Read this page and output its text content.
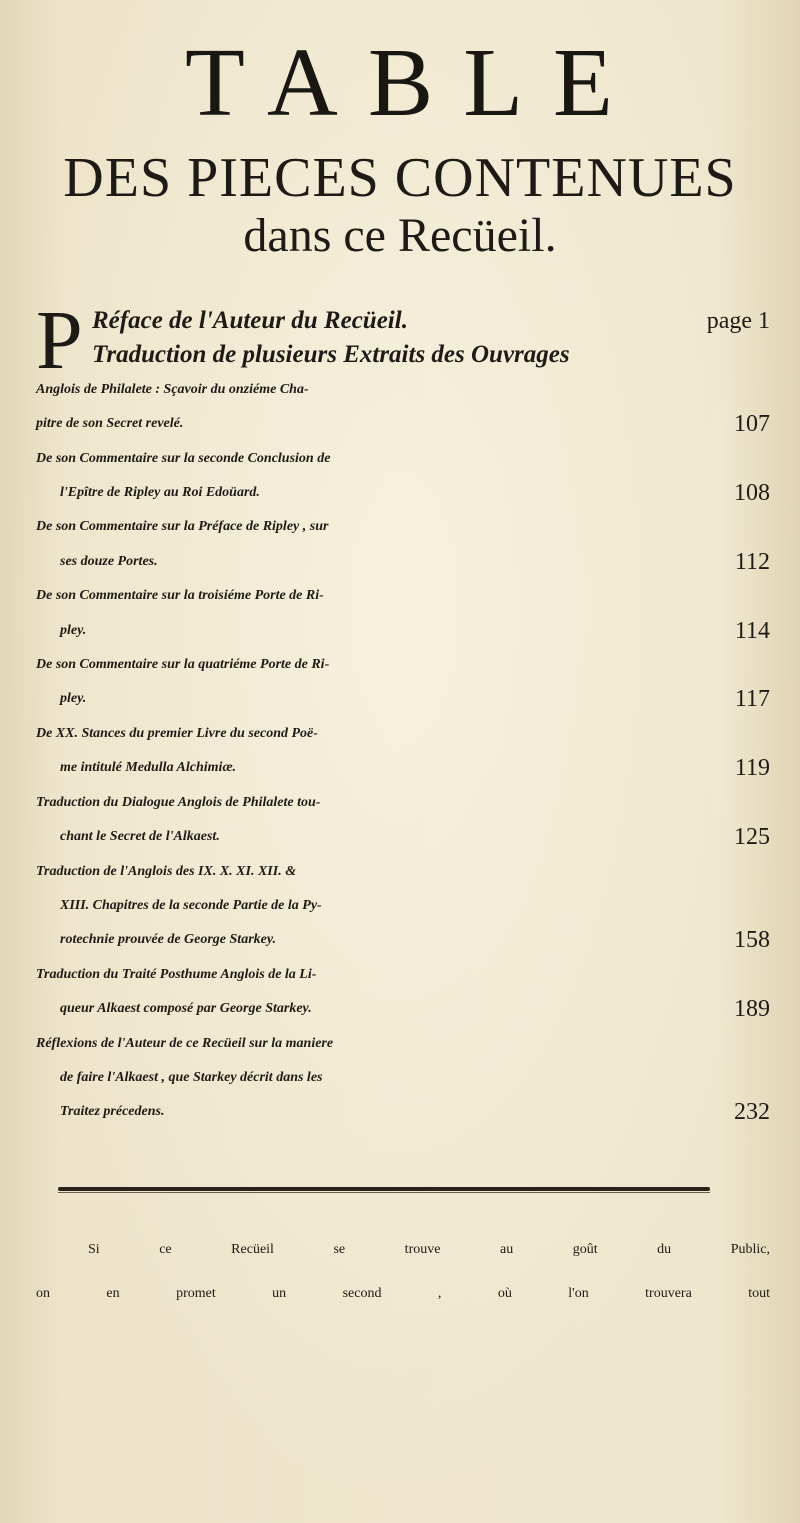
TABLE
DES PIECES CONTENUES
dans ce Recüeil.
P Réface de l'Auteur du Recüeil.	page 1
Traduction de plusieurs Extraits des Ouvrages
Anglois de Philalete : Sçavoir du onziéme Cha-
pitre de son Secret revelé.	107
De son Commentaire sur la seconde Conclusion de
l'Epître de Ripley au Roi Edoüard.	108
De son Commentaire sur la Préface de Ripley , sur
ses douze Portes.	112
De son Commentaire sur la troisiéme Porte de Ri-
pley.	114
De son Commentaire sur la quatriéme Porte de Ri-
pley.	117
De XX. Stances du premier Livre du second Poë-
me intitulé Medulla Alchimiæ.	119
Traduction du Dialogue Anglois de Philalete tou-
chant le Secret de l'Alkaest.	125
Traduction de l'Anglois des IX. X. XI. XII. &
XIII. Chapitres de la seconde Partie de la Py-
rotechnie prouvée de George Starkey.	158
Traduction du Traité Posthume Anglois de la Li-
queur Alkaest composé par George Starkey.	189
Réflexions de l'Auteur de ce Recüeil sur la maniere
de faire l'Alkaest , que Starkey décrit dans les
Traitez précedens.	232
Si ce Recüeil se trouve au goût du Public,
on en promet un second , où l'on trouvera tout
